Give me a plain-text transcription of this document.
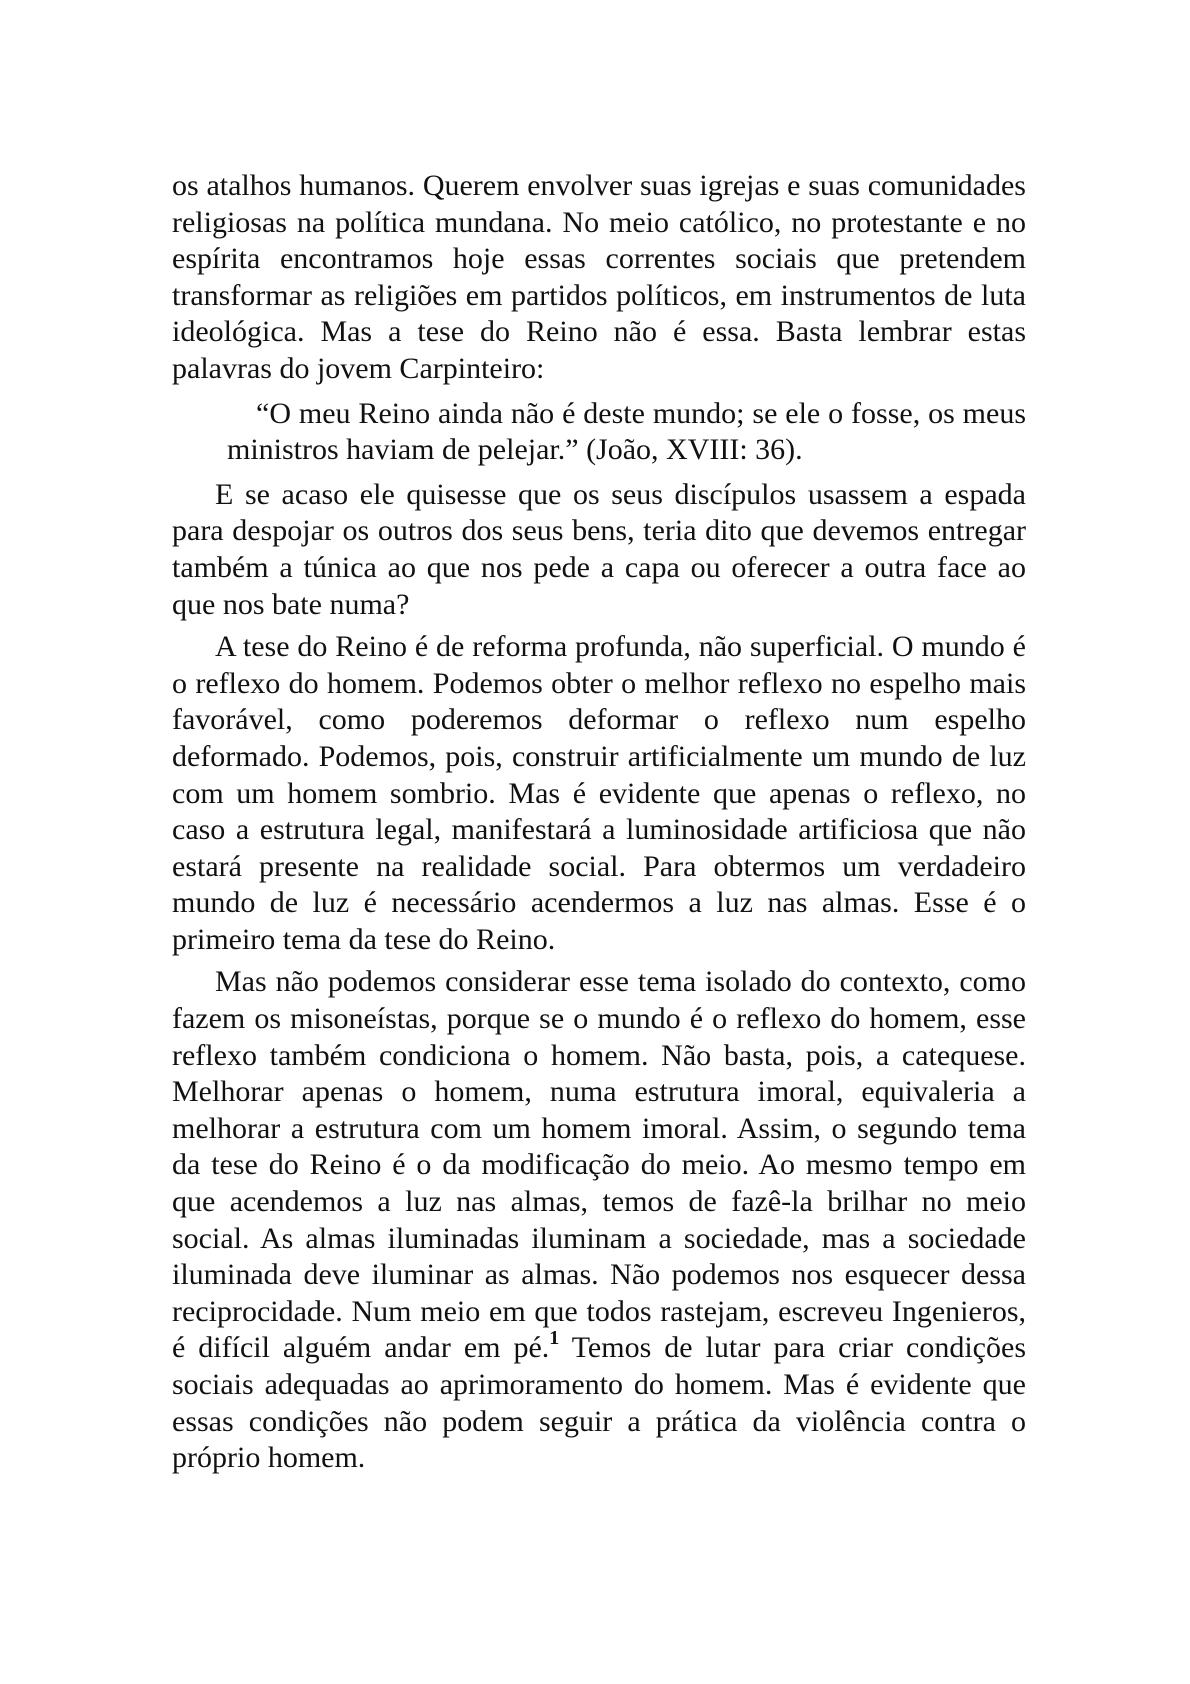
os atalhos humanos. Querem envolver suas igrejas e suas comunidades religiosas na política mundana. No meio católico, no protestante e no espírita encontramos hoje essas correntes sociais que pretendem transformar as religiões em partidos políticos, em instrumentos de luta ideológica. Mas a tese do Reino não é essa. Basta lembrar estas palavras do jovem Carpinteiro:

“O meu Reino ainda não é deste mundo; se ele o fosse, os meus ministros haviam de pelejar.” (João, XVIII: 36).

E se acaso ele quisesse que os seus discípulos usassem a espada para despojar os outros dos seus bens, teria dito que devemos entregar também a túnica ao que nos pede a capa ou oferecer a outra face ao que nos bate numa?

A tese do Reino é de reforma profunda, não superficial. O mundo é o reflexo do homem. Podemos obter o melhor reflexo no espelho mais favorável, como poderemos deformar o reflexo num espelho deformado. Podemos, pois, construir artificialmente um mundo de luz com um homem sombrio. Mas é evidente que apenas o reflexo, no caso a estrutura legal, manifestará a luminosidade artificiosa que não estará presente na realidade social. Para obtermos um verdadeiro mundo de luz é necessário acendermos a luz nas almas. Esse é o primeiro tema da tese do Reino.

Mas não podemos considerar esse tema isolado do contexto, como fazem os misoneístas, porque se o mundo é o reflexo do homem, esse reflexo também condiciona o homem. Não basta, pois, a catequese. Melhorar apenas o homem, numa estrutura imoral, equivaleria a melhorar a estrutura com um homem imoral. Assim, o segundo tema da tese do Reino é o da modificação do meio. Ao mesmo tempo em que acendemos a luz nas almas, temos de fazê-la brilhar no meio social. As almas iluminadas iluminam a sociedade, mas a sociedade iluminada deve iluminar as almas. Não podemos nos esquecer dessa reciprocidade. Num meio em que todos rastejam, escreveu Ingenieros, é difícil alguém andar em pé.$^1$ Temos de lutar para criar condições sociais adequadas ao aprimoramento do homem. Mas é evidente que essas condições não podem seguir a prática da violência contra o próprio homem.
